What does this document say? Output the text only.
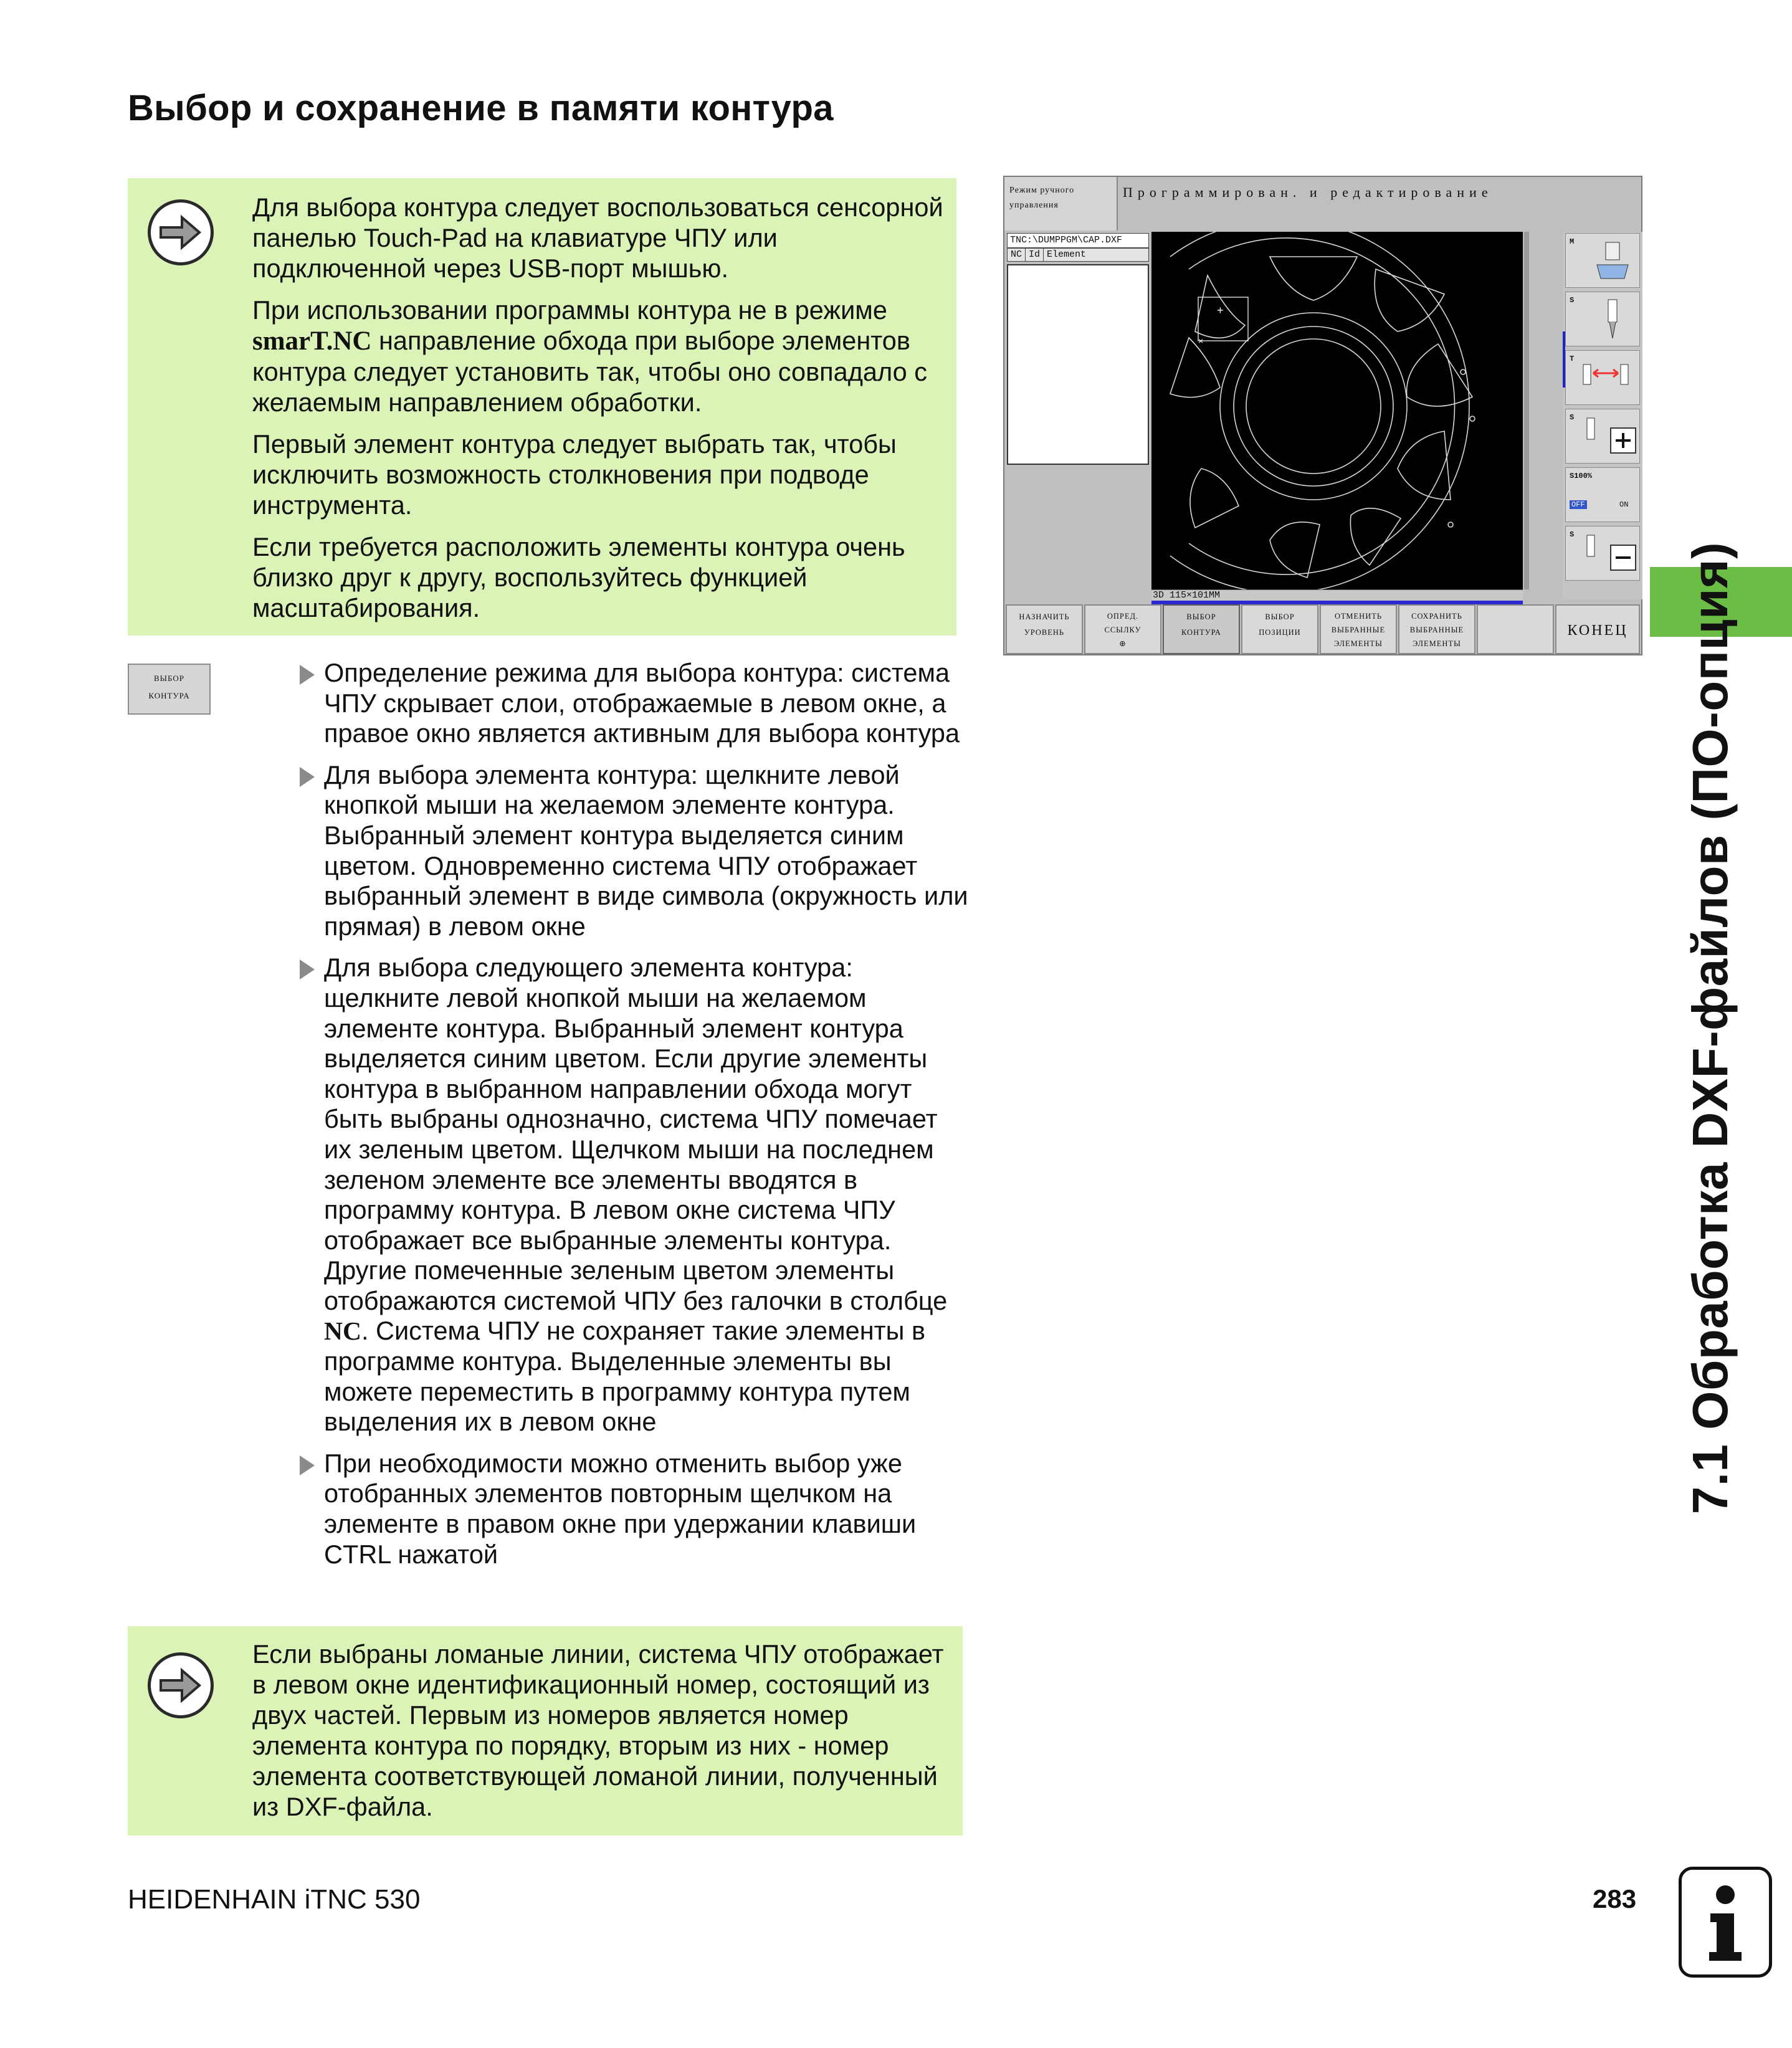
Выбор и сохранение в памяти контура

Для выбора контура следует воспользоваться сенсорной панелью Touch-Pad на клавиатуре ЧПУ или подключенной через USB-порт мышью.

При использовании программы контура не в режиме smarT.NC направление обхода при выборе элементов контура следует установить так, чтобы оно совпадало с желаемым направлением обработки.

Первый элемент контура следует выбрать так, чтобы исключить возможность столкновения при подводе инструмента.

Если требуется расположить элементы контура очень близко друг к другу, воспользуйтесь функцией масштабирования.

ВЫБОР
КОНТУРА
Определение режима для выбора контура: система ЧПУ скрывает слои, отображаемые в левом окне, а правое окно является активным для выбора контура
Для выбора элемента контура: щелкните левой кнопкой мыши на желаемом элементе контура. Выбранный элемент контура выделяется синим цветом. Одновременно система ЧПУ отображает выбранный элемент в виде символа (окружность или прямая) в левом окне
Для выбора следующего элемента контура: щелкните левой кнопкой мыши на желаемом элементе контура. Выбранный элемент контура выделяется синим цветом. Если другие элементы контура в выбранном направлении обхода могут быть выбраны однозначно, система ЧПУ помечает их зеленым цветом. Щелчком мыши на последнем зеленом элементе все элементы вводятся в программу контура. В левом окне система ЧПУ отображает все выбранные элементы контура. Другие помеченные зеленым цветом элементы отображаются системой ЧПУ без галочки в столбце NC. Система ЧПУ не сохраняет такие элементы в программе контура. Выделенные элементы вы можете переместить в программу контура путем выделения их в левом окне
При необходимости можно отменить выбор уже отобранных элементов повторным щелчком на элементе в правом окне при удержании клавиши CTRL нажатой
Если выбраны ломаные линии, система ЧПУ отображает в левом окне идентификационный номер, состоящий из двух частей. Первым из номеров является номер элемента контура по порядку, вторым из них - номер элемента соответствующей ломаной линии, полученный из DXF-файла.
Режим ручного
управления
Программирован. и редактирование
TNC:\DUMPPGM\CAP.DXF
NC Id Element
+
×
3D 115×101MM
M
S
T
S
S100%
OFF	ON
S
НАЗНАЧИТЬ
УРОВЕНЬ
ОПРЕД.
ССЫЛКУ
⊕
ВЫБОР
КОНТУРА
ВЫБОР
ПОЗИЦИИ
ОТМЕНИТЬ
ВЫБРАННЫЕ
ЭЛЕМЕНТЫ
СОХРАНИТЬ
ВЫБРАННЫЕ
ЭЛЕМЕНТЫ
КОНЕЦ 7.1 Обработка DXF-файлов (ПО-опция)
HEIDENHAIN iTNC 530	283
